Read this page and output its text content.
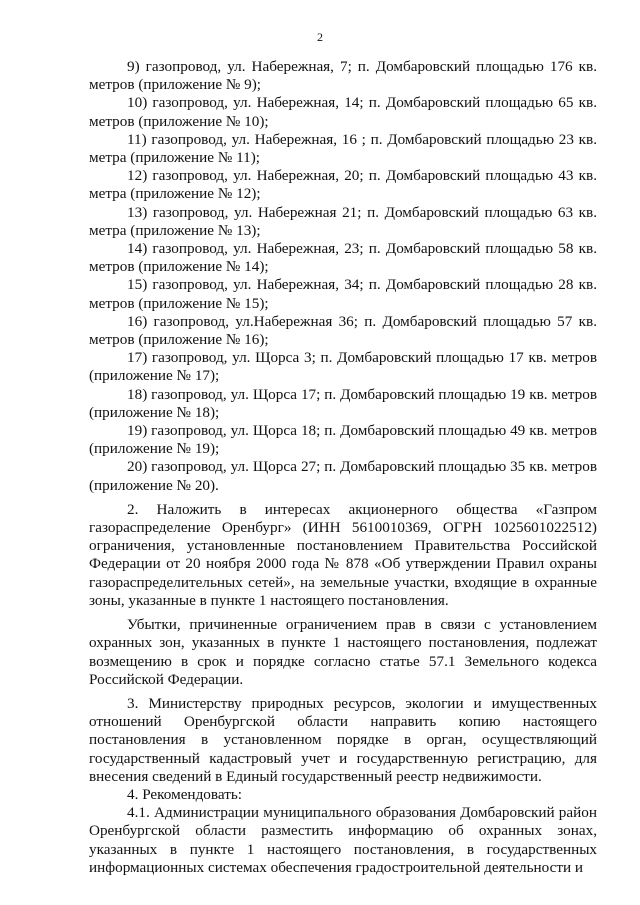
2

9) газопровод, ул. Набережная, 7; п. Домбаровский площадью 176 кв. метров (приложение № 9);

10) газопровод, ул. Набережная, 14; п. Домбаровский площадью 65 кв. метров (приложение № 10);

11) газопровод, ул. Набережная, 16 ; п. Домбаровский площадью 23 кв. метра (приложение № 11);

12) газопровод, ул. Набережная, 20; п. Домбаровский площадью 43 кв. метра (приложение № 12);

13) газопровод, ул. Набережная 21; п. Домбаровский площадью 63 кв. метра (приложение № 13);

14) газопровод, ул. Набережная, 23; п. Домбаровский площадью 58 кв. метров (приложение № 14);

15) газопровод, ул. Набережная, 34; п. Домбаровский площадью 28 кв. метров (приложение № 15);

16) газопровод, ул.Набережная 36; п. Домбаровский площадью 57 кв. метров (приложение № 16);

17) газопровод, ул. Щорса 3; п. Домбаровский площадью 17 кв. метров (приложение № 17);

18) газопровод, ул. Щорса 17; п. Домбаровский площадью 19 кв. метров (приложение № 18);

19) газопровод, ул. Щорса 18; п. Домбаровский площадью 49 кв. метров (приложение № 19);

20) газопровод, ул. Щорса 27; п. Домбаровский площадью 35 кв. метров (приложение № 20).

2. Наложить в интересах акционерного общества «Газпром газораспределение Оренбург» (ИНН 5610010369, ОГРН 1025601022512) ограничения, установленные постановлением Правительства Российской Федерации от 20 ноября 2000 года № 878 «Об утверждении Правил охраны газораспределительных сетей», на земельные участки, входящие в охранные зоны, указанные в пункте 1 настоящего постановления.

Убытки, причиненные ограничением прав в связи с установлением охранных зон, указанных в пункте 1 настоящего постановления, подлежат возмещению в срок и порядке согласно статье 57.1 Земельного кодекса Российской Федерации.

3. Министерству природных ресурсов, экологии и имущественных отношений Оренбургской области направить копию настоящего постановления в установленном порядке в орган, осуществляющий государственный кадастровый учет и государственную регистрацию, для внесения сведений в Единый государственный реестр недвижимости.

4. Рекомендовать:

4.1. Администрации муниципального образования Домбаровский район Оренбургской области разместить информацию об охранных зонах, указанных в пункте 1 настоящего постановления, в государственных информационных системах обеспечения градостроительной деятельности и
